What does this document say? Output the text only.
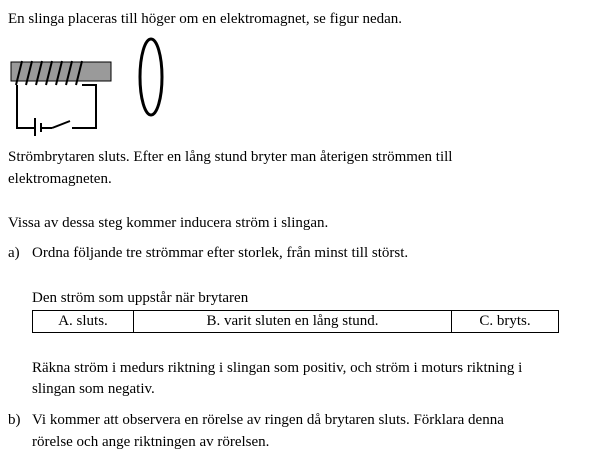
En slinga placeras till höger om en elektromagnet, se figur nedan.
Strömbrytaren sluts. Efter en lång stund bryter man återigen strömmen till
elektromagneten.
Vissa av dessa steg kommer inducera ström i slingan.
a) Ordna följande tre strömmar efter storlek, från minst till störst.
Den ström som uppstår när brytaren
A. sluts.	B. varit sluten en lång stund.	C. bryts.
Räkna ström i medurs riktning i slingan som positiv, och ström i moturs riktning i
slingan som negativ.
b) Vi kommer att observera en rörelse av ringen då brytaren sluts. Förklara denna
rörelse och ange riktningen av rörelsen.
